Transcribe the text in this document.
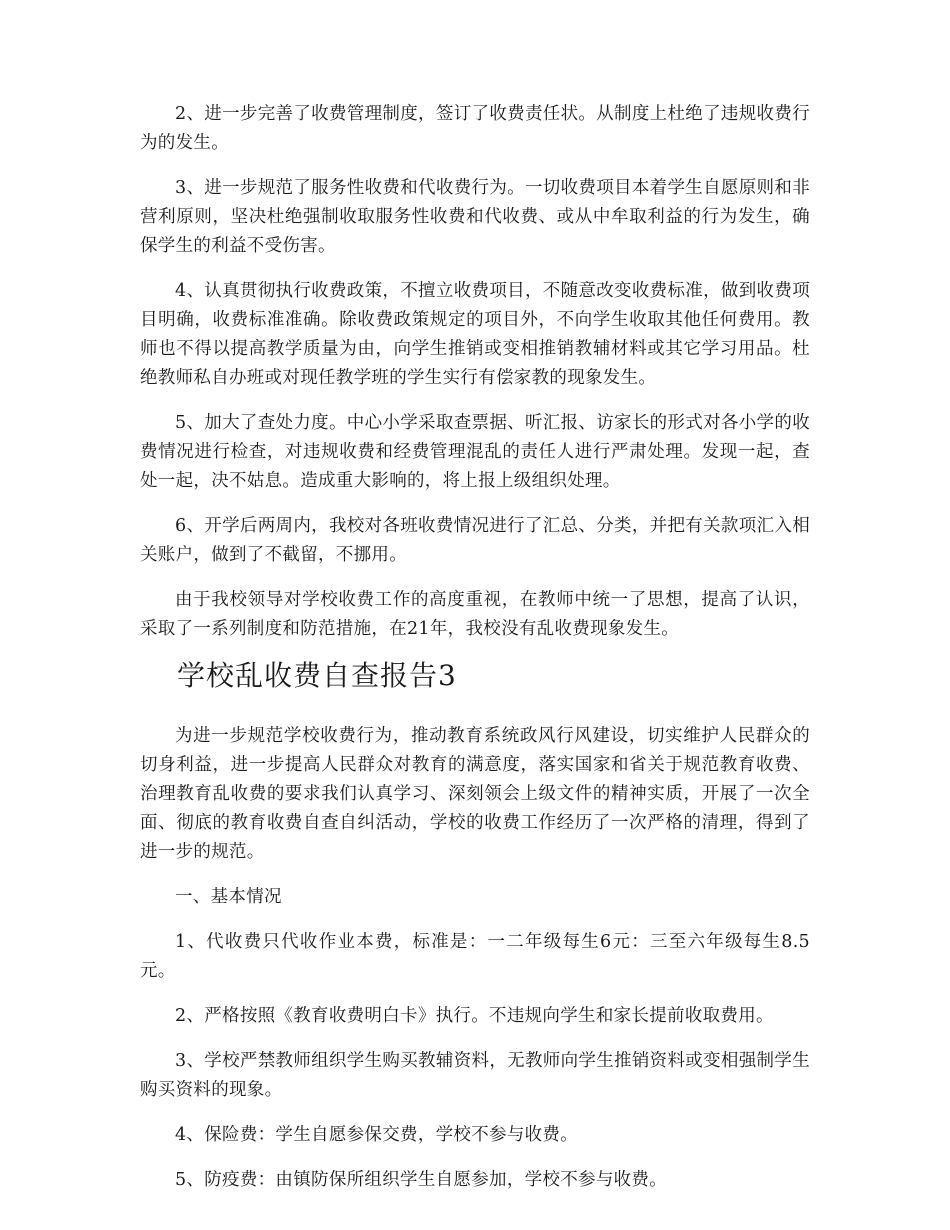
2、进一步完善了收费管理制度，签订了收费责任状。从制度上杜绝了违规收费行为的发生。

3、进一步规范了服务性收费和代收费行为。一切收费项目本着学生自愿原则和非营利原则，坚决杜绝强制收取服务性收费和代收费、或从中牟取利益的行为发生，确保学生的利益不受伤害。

4、认真贯彻执行收费政策，不擅立收费项目，不随意改变收费标准，做到收费项目明确，收费标准准确。除收费政策规定的项目外，不向学生收取其他任何费用。教师也不得以提高教学质量为由，向学生推销或变相推销教辅材料或其它学习用品。杜绝教师私自办班或对现任教学班的学生实行有偿家教的现象发生。

5、加大了查处力度。中心小学采取查票据、听汇报、访家长的形式对各小学的收费情况进行检查，对违规收费和经费管理混乱的责任人进行严肃处理。发现一起，查处一起，决不姑息。造成重大影响的，将上报上级组织处理。

6、开学后两周内，我校对各班收费情况进行了汇总、分类，并把有关款项汇入相关账户，做到了不截留，不挪用。

由于我校领导对学校收费工作的高度重视，在教师中统一了思想，提高了认识，采取了一系列制度和防范措施，在21年，我校没有乱收费现象发生。

学校乱收费自查报告3

为进一步规范学校收费行为，推动教育系统政风行风建设，切实维护人民群众的切身利益，进一步提高人民群众对教育的满意度，落实国家和省关于规范教育收费、治理教育乱收费的要求我们认真学习、深刻领会上级文件的精神实质，开展了一次全面、彻底的教育收费自查自纠活动，学校的收费工作经历了一次严格的清理，得到了进一步的规范。

一、基本情况

1、代收费只代收作业本费，标准是：一二年级每生6元：三至六年级每生8.5元。

2、严格按照《教育收费明白卡》执行。不违规向学生和家长提前收取费用。

3、学校严禁教师组织学生购买教辅资料，无教师向学生推销资料或变相强制学生购买资料的现象。

4、保险费：学生自愿参保交费，学校不参与收费。

5、防疫费：由镇防保所组织学生自愿参加，学校不参与收费。
